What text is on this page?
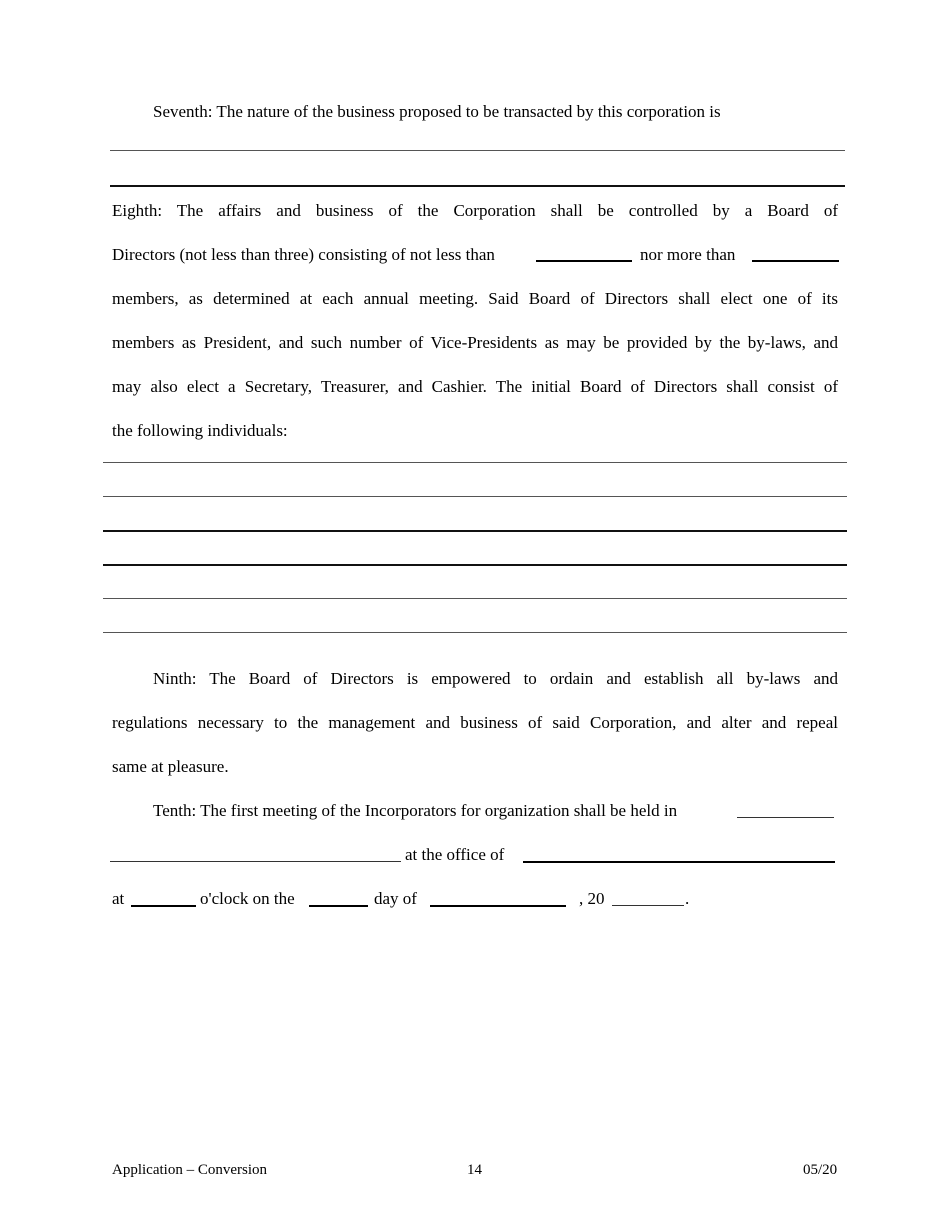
Seventh: The nature of the business proposed to be transacted by this corporation is
Eighth: The affairs and business of the Corporation shall be controlled by a Board of
Directors (not less than three) consisting of not less than	nor more than
members, as determined at each annual meeting. Said Board of Directors shall elect one of its
members as President, and such number of Vice-Presidents as may be provided by the by-laws, and
may also elect a Secretary, Treasurer, and Cashier. The initial Board of Directors shall consist of
the following individuals:
Ninth: The Board of Directors is empowered to ordain and establish all by-laws and
regulations necessary to the management and business of said Corporation, and alter and repeal
same at pleasure.
Tenth: The first meeting of the Incorporators for organization shall be held in
at the office of
at	o'clock on the	day of	, 20	.
Application – Conversion	14	05/20
